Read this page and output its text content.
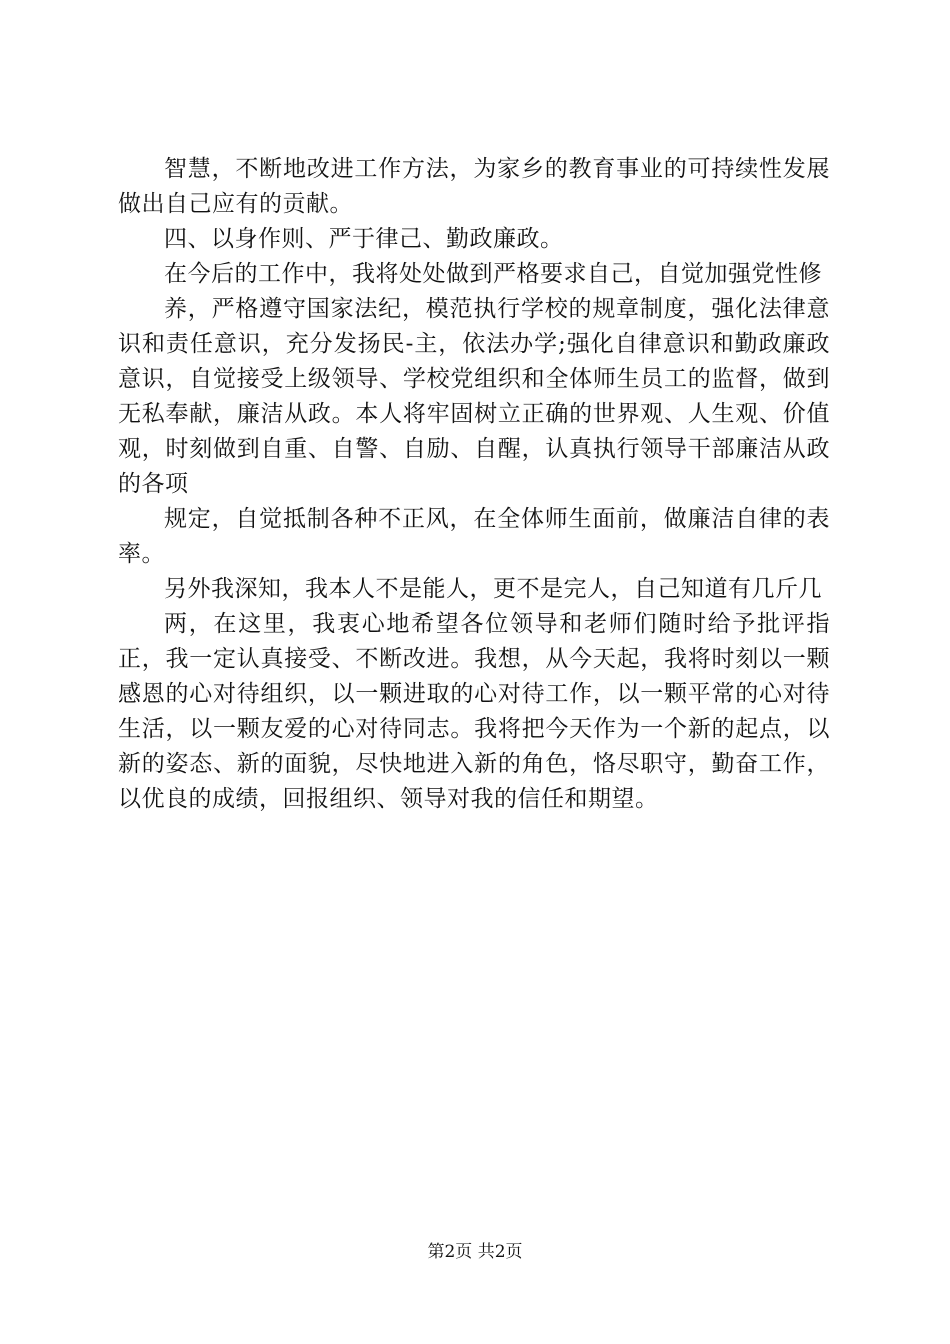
智慧，不断地改进工作方法，为家乡的教育事业的可持续性发展做出自己应有的贡献。

四、以身作则、严于律己、勤政廉政。

在今后的工作中，我将处处做到严格要求自己，自觉加强党性修

养，严格遵守国家法纪，模范执行学校的规章制度，强化法律意识和责任意识，充分发扬民-主，依法办学;强化自律意识和勤政廉政意识，自觉接受上级领导、学校党组织和全体师生员工的监督，做到无私奉献，廉洁从政。本人将牢固树立正确的世界观、人生观、价值观，时刻做到自重、自警、自励、自醒，认真执行领导干部廉洁从政的各项

规定，自觉抵制各种不正风，在全体师生面前，做廉洁自律的表率。

另外我深知，我本人不是能人，更不是完人，自己知道有几斤几

两，在这里，我衷心地希望各位领导和老师们随时给予批评指正，我一定认真接受、不断改进。我想，从今天起，我将时刻以一颗感恩的心对待组织，以一颗进取的心对待工作，以一颗平常的心对待生活，以一颗友爱的心对待同志。我将把今天作为一个新的起点，以新的姿态、新的面貌，尽快地进入新的角色，恪尽职守，勤奋工作，以优良的成绩，回报组织、领导对我的信任和期望。

第2页 共2页
